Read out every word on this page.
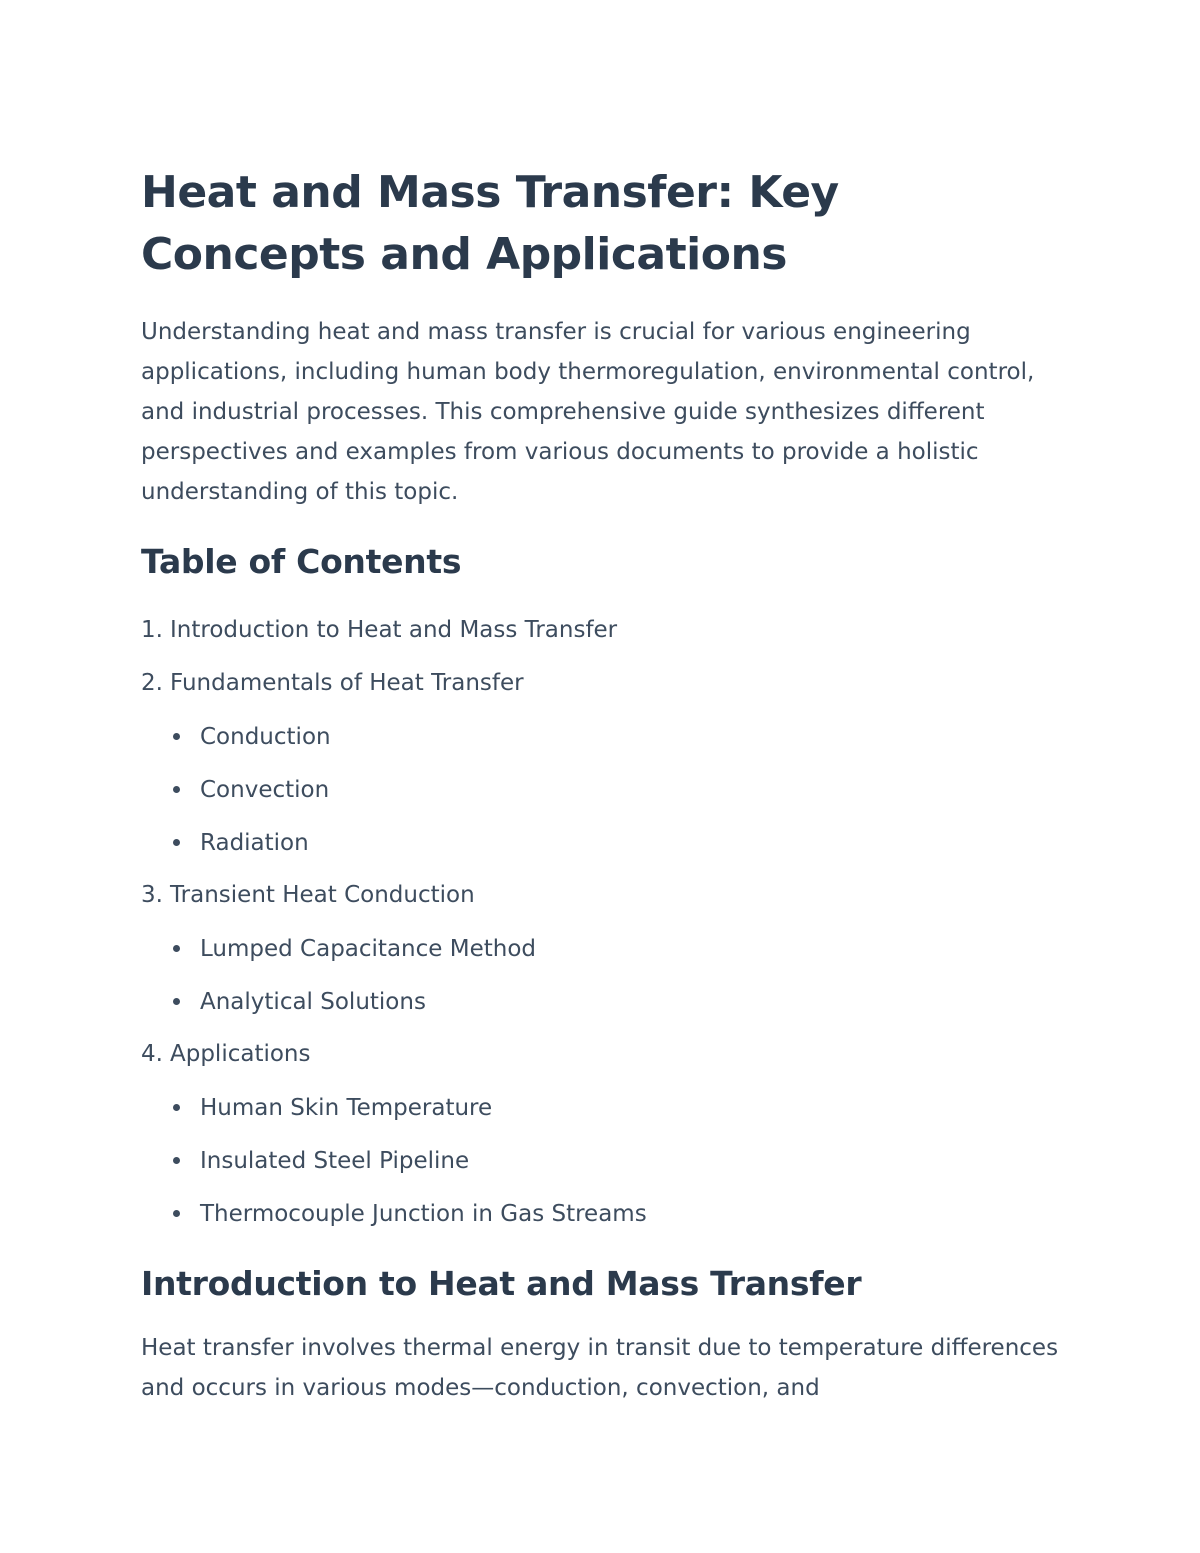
Heat and Mass Transfer: Key Concepts and Applications

Understanding heat and mass transfer is crucial for various engineering applications, including human body thermoregulation, environmental control, and industrial processes. This comprehensive guide synthesizes different perspectives and examples from various documents to provide a holistic understanding of this topic.

Table of Contents
1. Introduction to Heat and Mass Transfer
2. Fundamentals of Heat Transfer
Conduction
Convection
Radiation
3. Transient Heat Conduction
Lumped Capacitance Method
Analytical Solutions
4. Applications
Human Skin Temperature
Insulated Steel Pipeline
Thermocouple Junction in Gas Streams
Introduction to Heat and Mass Transfer

Heat transfer involves thermal energy in transit due to temperature differences and occurs in various modes—conduction, convection, and
